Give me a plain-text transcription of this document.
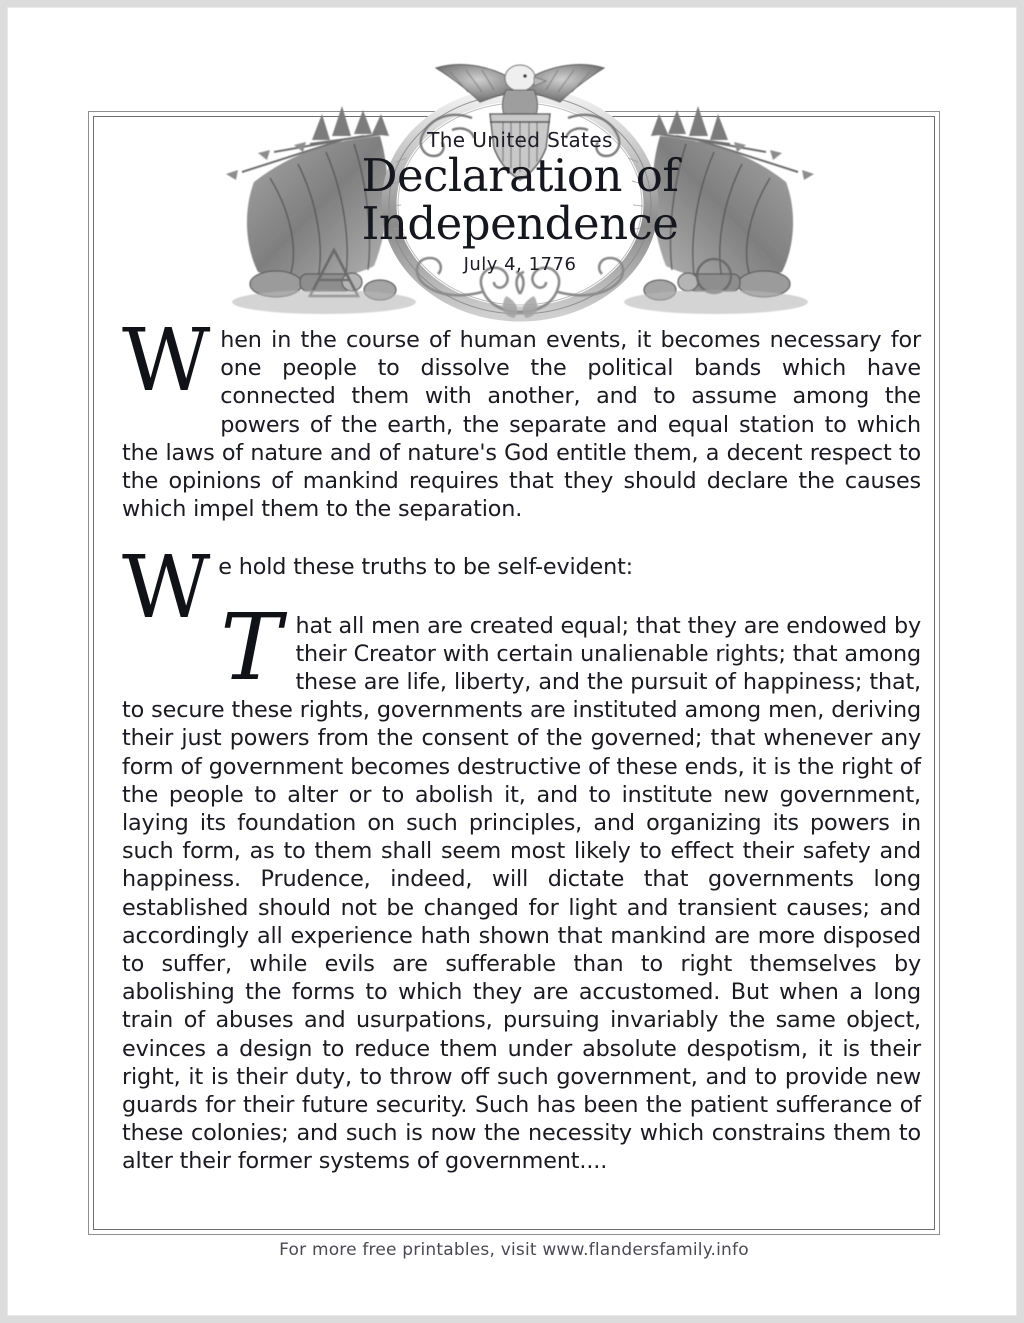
The United States
Declaration of
Independence
July 4, 1776

When in the course of human events, it becomes necessary for one people to dissolve the political bands which have connected them with another, and to assume among the powers of the earth, the separate and equal station to which the laws of nature and of nature's God entitle them, a decent respect to the opinions of mankind requires that they should declare the causes which impel them to the separation.

We hold these truths to be self-evident:

That all men are created equal; that they are endowed by their Creator with certain unalienable rights; that among these are life, liberty, and the pursuit of happiness; that, to secure these rights, governments are instituted among men, deriving their just powers from the consent of the governed; that whenever any form of government becomes destructive of these ends, it is the right of the people to alter or to abolish it, and to institute new government, laying its foundation on such principles, and organizing its powers in such form, as to them shall seem most likely to effect their safety and happiness. Prudence, indeed, will dictate that governments long established should not be changed for light and transient causes; and accordingly all experience hath shown that mankind are more disposed to suffer, while evils are sufferable than to right themselves by abolishing the forms to which they are accustomed. But when a long train of abuses and usurpations, pursuing invariably the same object, evinces a design to reduce them under absolute despotism, it is their right, it is their duty, to throw off such government, and to provide new guards for their future security. Such has been the patient sufferance of these colonies; and such is now the necessity which constrains them to alter their former systems of government....

For more free printables, visit www.flandersfamily.info
